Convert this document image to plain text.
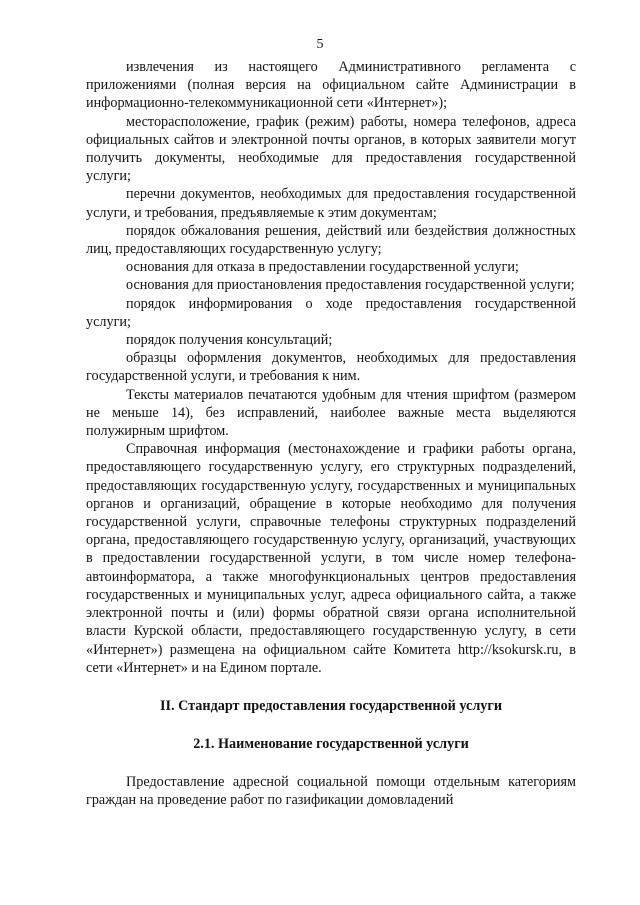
5

извлечения из настоящего Административного регламента с приложениями (полная версия на официальном сайте Администрации в информационно-телекоммуникационной сети «Интернет»);

месторасположение, график (режим) работы, номера телефонов, адреса официальных сайтов и электронной почты органов, в которых заявители могут получить документы, необходимые для предоставления государственной услуги;

перечни документов, необходимых для предоставления государственной услуги, и требования, предъявляемые к этим документам;

порядок обжалования решения, действий или бездействия должностных лиц, предоставляющих государственную услугу;

основания для отказа в предоставлении государственной услуги;

основания для приостановления предоставления государственной услуги;

порядок информирования о ходе предоставления государственной услуги;

порядок получения консультаций;

образцы оформления документов, необходимых для предоставления государственной услуги, и требования к ним.

Тексты материалов печатаются удобным для чтения шрифтом (размером не меньше 14), без исправлений, наиболее важные места выделяются полужирным шрифтом.

Справочная информация (местонахождение и графики работы органа, предоставляющего государственную услугу, его структурных подразделений, предоставляющих государственную услугу, государственных и муниципальных органов и организаций, обращение в которые необходимо для получения государственной услуги, справочные телефоны структурных подразделений органа, предоставляющего государственную услугу, организаций, участвующих в предоставлении государственной услуги, в том числе номер телефона-автоинформатора, а также многофункциональных центров предоставления государственных и муниципальных услуг, адреса официального сайта, а также электронной почты и (или) формы обратной связи органа исполнительной власти Курской области, предоставляющего государственную услугу, в сети «Интернет») размещена на официальном сайте Комитета http://ksokursk.ru, в сети «Интернет» и на Едином портале.

II. Стандарт предоставления государственной услуги

2.1. Наименование государственной услуги

Предоставление адресной социальной помощи отдельным категориям граждан на проведение работ по газификации домовладений
